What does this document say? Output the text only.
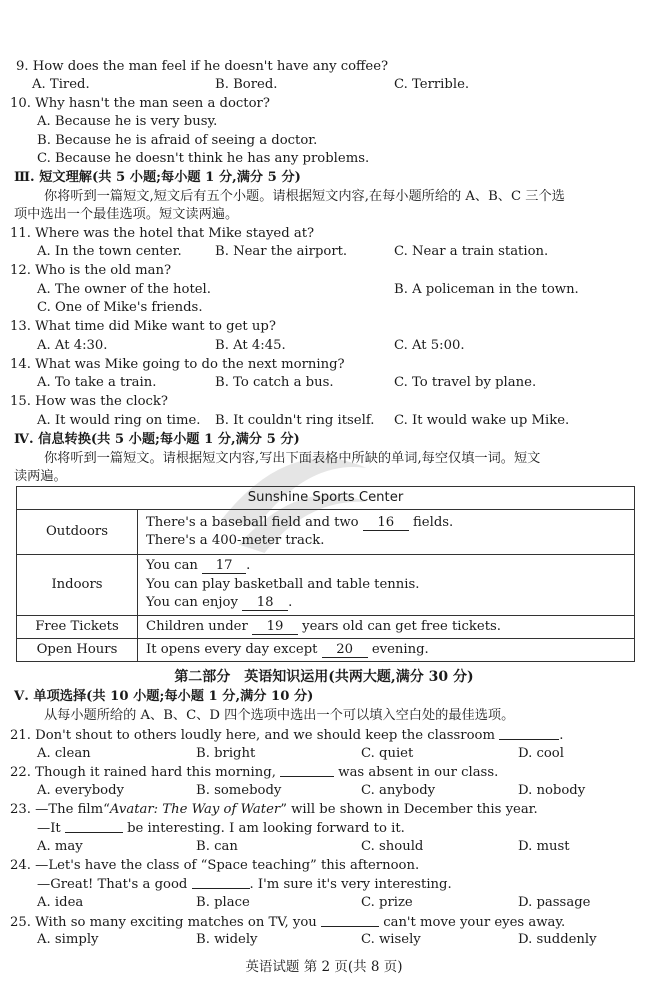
9. How does the man feel if he doesn't have any coffee?
A. Tired.	B. Bored.	C. Terrible.
10. Why hasn't the man seen a doctor?
A. Because he is very busy.
B. Because he is afraid of seeing a doctor.
C. Because he doesn't think he has any problems.
Ⅲ. 短文理解(共 5 小题;每小题 1 分,满分 5 分)
你将听到一篇短文,短文后有五个小题。请根据短文内容,在每小题所给的 A、B、C 三个选
项中选出一个最佳选项。短文读两遍。
11. Where was the hotel that Mike stayed at?
A. In the town center.	B. Near the airport.	C. Near a train station.
12. Who is the old man?
A. The owner of the hotel.	B. A policeman in the town.
C. One of Mike's friends.
13. What time did Mike want to get up?
A. At 4:30.	B. At 4:45.	C. At 5:00.
14. What was Mike going to do the next morning?
A. To take a train.	B. To catch a bus.	C. To travel by plane.
15. How was the clock?
A. It would ring on time. B. It couldn't ring itself. C. It would wake up Mike.
Ⅳ. 信息转换(共 5 小题;每小题 1 分,满分 5 分)
你将听到一篇短文。请根据短文内容,写出下面表格中所缺的单词,每空仅填一词。短文
读两遍。
Sunshine Sports Center	
Outdoors	There's a baseball field and two 16 fields.
There's a 400-meter track.

Indoors	You can 17 .
You can play basketball and table tennis.
You can enjoy 18 .

Free Tickets	Children under 19 years old can get free tickets.
Open Hours	It opens every day except 20 evening.
第二部分　英语知识运用(共两大题,满分 30 分)
Ⅴ. 单项选择(共 10 小题;每小题 1 分,满分 10 分)
从每小题所给的 A、B、C、D 四个选项中选出一个可以填入空白处的最佳选项。
21. Don't shout to others loudly here, and we should keep the classroom	.
A. clean	B. bright	C. quiet	D. cool
22. Though it rained hard this morning,	was absent in our class.
A. everybody	B. somebody	C. anybody	D. nobody
23. —The film“Avatar: The Way of Water” will be shown in December this year.
—It	be interesting. I am looking forward to it.
A. may	B. can	C. should	D. must
24. —Let's have the class of “Space teaching” this afternoon.
—Great! That's a good	. I'm sure it's very interesting.
A. idea	B. place	C. prize	D. passage
25. With so many exciting matches on TV, you	can't move your eyes away.
A. simply	B. widely	C. wisely	D. suddenly
英语试题 第 2 页(共 8 页)
